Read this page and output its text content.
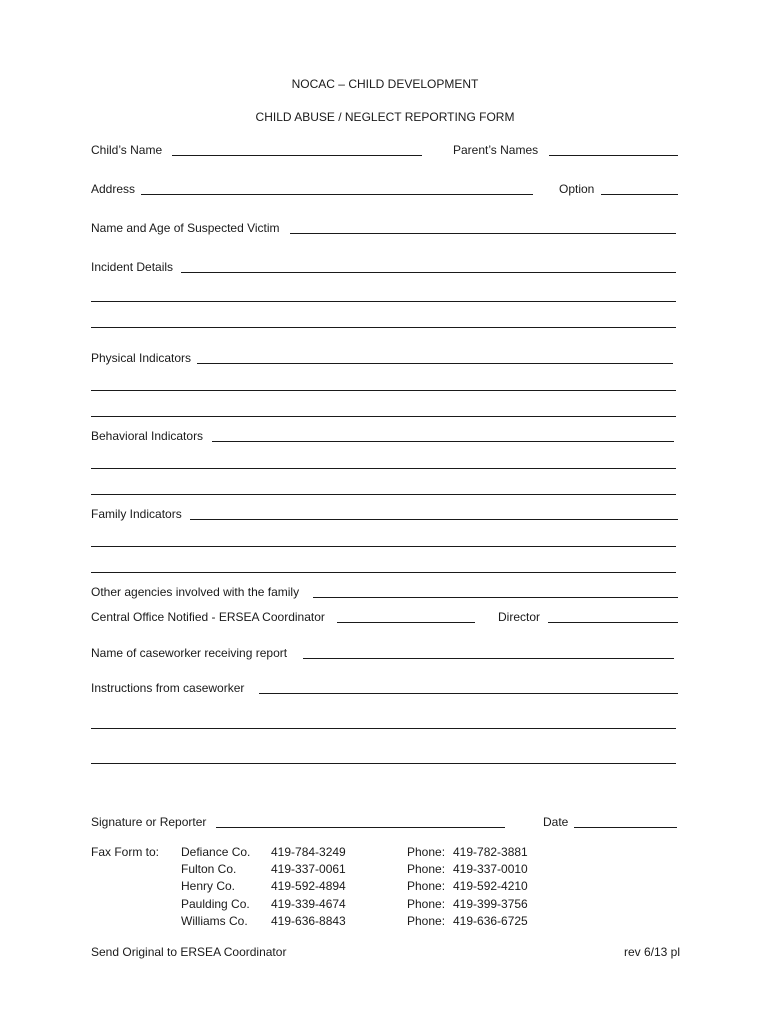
NOCAC – CHILD DEVELOPMENT
CHILD ABUSE / NEGLECT REPORTING FORM
Child’s Name	Parent’s Names
Address	Option
Name and Age of Suspected Victim
Incident Details
Physical Indicators
Behavioral Indicators
Family Indicators
Other agencies involved with the family
Central Office Notified - ERSEA Coordinator	Director
Name of caseworker receiving report
Instructions from caseworker
Signature or Reporter	Date
Fax Form to: Defiance Co. 419-784-3249	Phone: 419-782-3881
Fulton Co.	419-337-0061	Phone: 419-337-0010
Henry Co.	419-592-4894	Phone: 419-592-4210
Paulding Co. 419-339-4674	Phone: 419-399-3756
Williams Co. 419-636-8843	Phone: 419-636-6725
Send Original to ERSEA Coordinator	rev 6/13 pl
